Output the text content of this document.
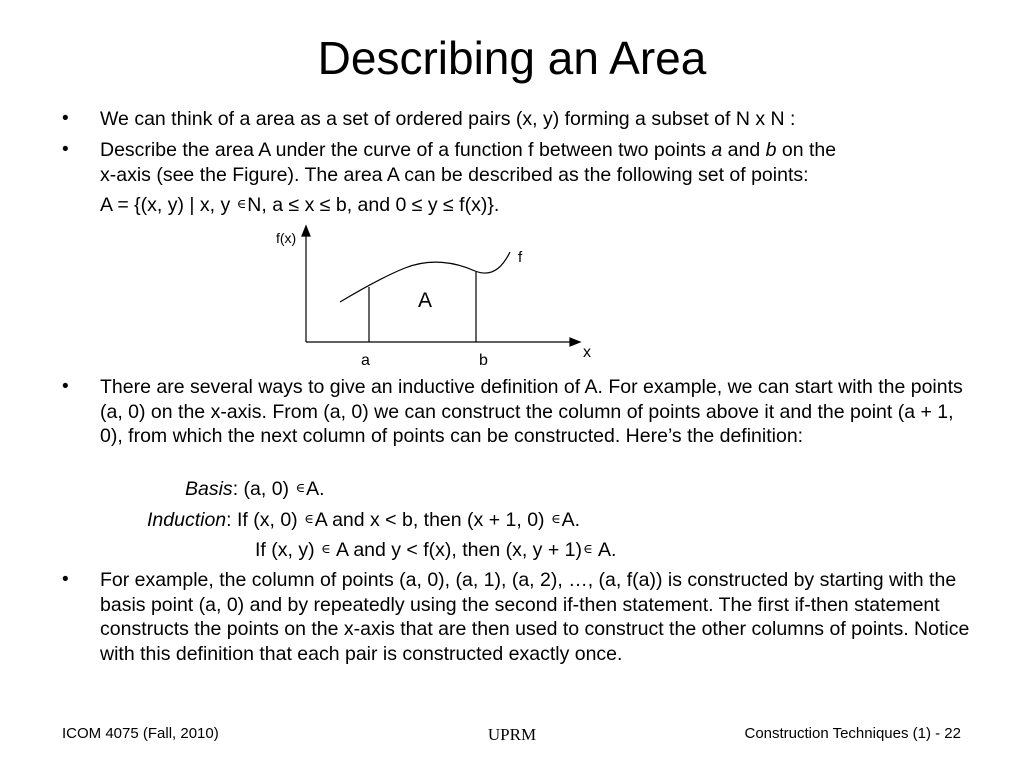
Describing an Area
• We can think of a area as a set of ordered pairs (x, y) forming a subset of N x N :
• Describe the area A under the curve of a function f between two points a and b on the
x-axis (see the Figure). The area A can be described as the following set of points:
A = {(x, y) | x, y ∈N, a ≤ x ≤ b, and 0 ≤ y ≤ f(x)}.
f(x)
f
A
x
a	b
• There are several ways to give an inductive definition of A. For example, we can start with the points (a, 0) on the x-axis. From (a, 0) we can construct the column of points above it and the point (a + 1, 0), from which the next column of points can be constructed. Here’s the definition:
Basis: (a, 0) ∈A.
Induction: If (x, 0) ∈A and x < b, then (x + 1, 0) ∈A.
If (x, y) ∈ A and y < f(x), then (x, y + 1)∈ A.
• For example, the column of points (a, 0), (a, 1), (a, 2), …, (a, f(a)) is constructed by starting with the basis point (a, 0) and by repeatedly using the second if-then statement. The first if-then statement constructs the points on the x-axis that are then used to construct the other columns of points. Notice with this definition that each pair is constructed exactly once.
ICOM 4075 (Fall, 2010)	UPRM	Construction Techniques (1) - 22
